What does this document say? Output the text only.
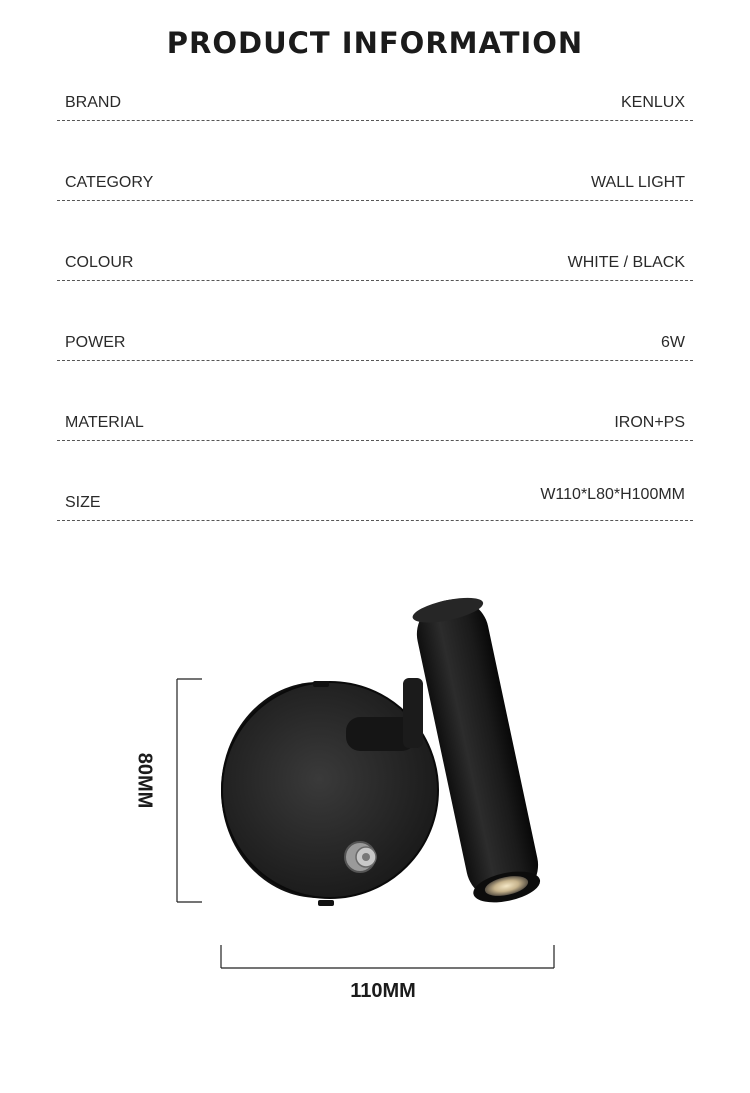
PRODUCT INFORMATION
BRAND	KENLUX
CATEGORY	WALL LIGHT
COLOUR	WHITE / BLACK
POWER	6W
MATERIAL	IRON+PS
SIZE	W110*L80*H100MM
80MM
110MM
